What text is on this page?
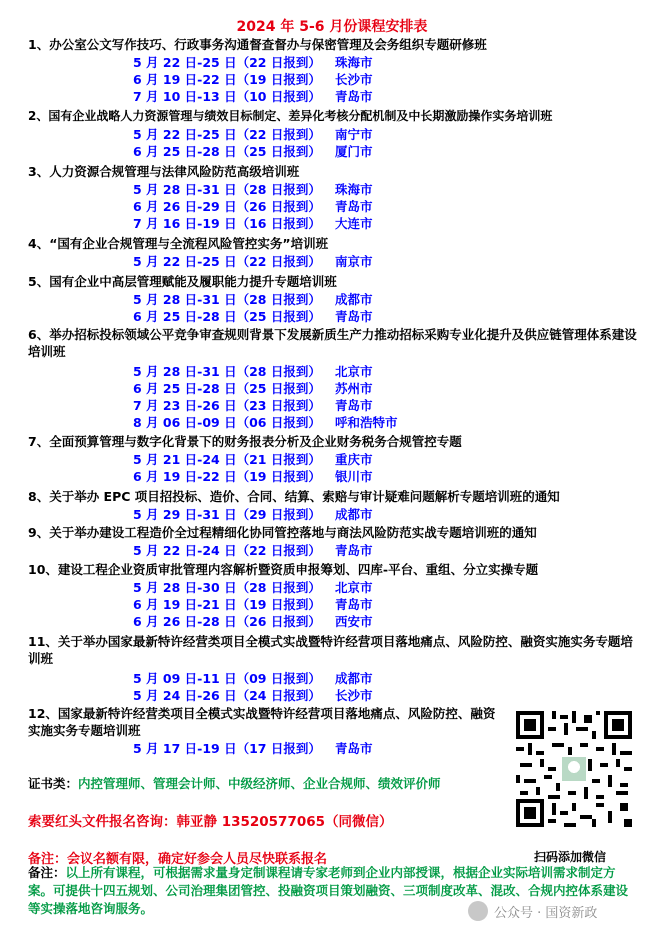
2024 年 5-6 月份课程安排表
1、办公室公文写作技巧、行政事务沟通督查督办与保密管理及会务组织专题研修班
5 月 22 日-25 日（22 日报到） 珠海市
6 月 19 日-22 日（19 日报到） 长沙市
7 月 10 日-13 日（10 日报到） 青岛市
2、国有企业战略人力资源管理与绩效目标制定、差异化考核分配机制及中长期激励操作实务培训班
5 月 22 日-25 日（22 日报到） 南宁市
6 月 25 日-28 日（25 日报到） 厦门市
3、人力资源合规管理与法律风险防范高级培训班
5 月 28 日-31 日（28 日报到） 珠海市
6 月 26 日-29 日（26 日报到） 青岛市
7 月 16 日-19 日（16 日报到） 大连市
4、“国有企业合规管理与全流程风险管控实务”培训班
5 月 22 日-25 日（22 日报到） 南京市
5、国有企业中高层管理赋能及履职能力提升专题培训班
5 月 28 日-31 日（28 日报到） 成都市
6 月 25 日-28 日（25 日报到） 青岛市
6、举办招标投标领域公平竞争审查规则背景下发展新质生产力推动招标采购专业化提升及供应链管理体系建设培训班
5 月 28 日-31 日（28 日报到） 北京市
6 月 25 日-28 日（25 日报到） 苏州市
7 月 23 日-26 日（23 日报到） 青岛市
8 月 06 日-09 日（06 日报到） 呼和浩特市
7、全面预算管理与数字化背景下的财务报表分析及企业财务税务合规管控专题
5 月 21 日-24 日（21 日报到） 重庆市
6 月 19 日-22 日（19 日报到） 银川市
8、关于举办 EPC 项目招投标、造价、合同、结算、索赔与审计疑难问题解析专题培训班的通知
5 月 29 日-31 日（29 日报到） 成都市
9、关于举办建设工程造价全过程精细化协同管控落地与商法风险防范实战专题培训班的通知
5 月 22 日-24 日（22 日报到） 青岛市
10、建设工程企业资质审批管理内容解析暨资质申报筹划、四库-平台、重组、分立实操专题
5 月 28 日-30 日（28 日报到） 北京市
6 月 19 日-21 日（19 日报到） 青岛市
6 月 26 日-28 日（26 日报到） 西安市
11、关于举办国家最新特许经营类项目全模式实战暨特许经营项目落地痛点、风险防控、融资实施实务专题培训班
5 月 09 日-11 日（09 日报到） 成都市
5 月 24 日-26 日（24 日报到） 长沙市
12、国家最新特许经营类项目全模式实战暨特许经营项目落地痛点、风险防控、融资实施实务专题培训班
5 月 17 日-19 日（17 日报到） 青岛市
证书类：内控管理师、管理会计师、中级经济师、企业合规师、绩效评价师
索要红头文件报名咨询：韩亚静 13520577065（同微信）
备注：会议名额有限，确定好参会人员尽快联系报名	扫码添加微信
备注：以上所有课程，可根据需求量身定制课程请专家老师到企业内部授课，根据企业实际培训需求制定方案。可提供十四五规划、公司治理集团管控、投融资项目策划融资、三项制度改革、混改、合规内控体系建设等实操落地咨询服务。	公众号 · 国资新政
